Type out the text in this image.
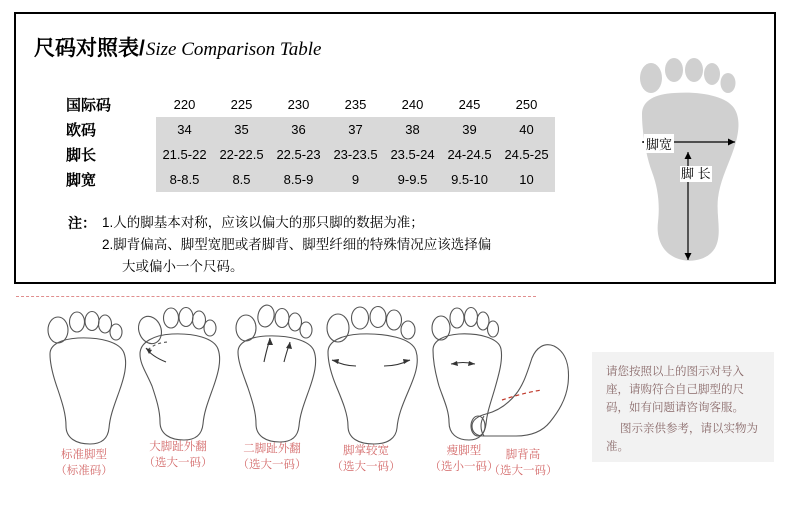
尺码对照表/ Size Comparison Table
国际码	220	225	230	235	240	245	250
欧码	34	35	36	37	38	39	40
脚长	21.5-22	22-22.5	22.5-23	23-23.5	23.5-24	24-24.5	24.5-25
脚宽	8-8.5	8.5	8.5-9	9	9-9.5	9.5-10	10
注： 1.人的脚基本对称，应该以偏大的那只脚的数据为准；
2.脚背偏高、脚型宽肥或者脚背、脚型纤细的特殊情况应该选择偏
大或偏小一个尺码。
脚宽
脚 长
标准脚型
（标准码）
大脚趾外翻
（选大一码）
二脚趾外翻
（选大一码）
脚掌较宽
（选大一码）
瘦脚型
（选小一码）
脚背高
（选大一码）

请您按照以上的图示对号入座，请购符合自己脚型的尺码，如有问题请咨询客服。

图示亲供参考，请以实物为准。
